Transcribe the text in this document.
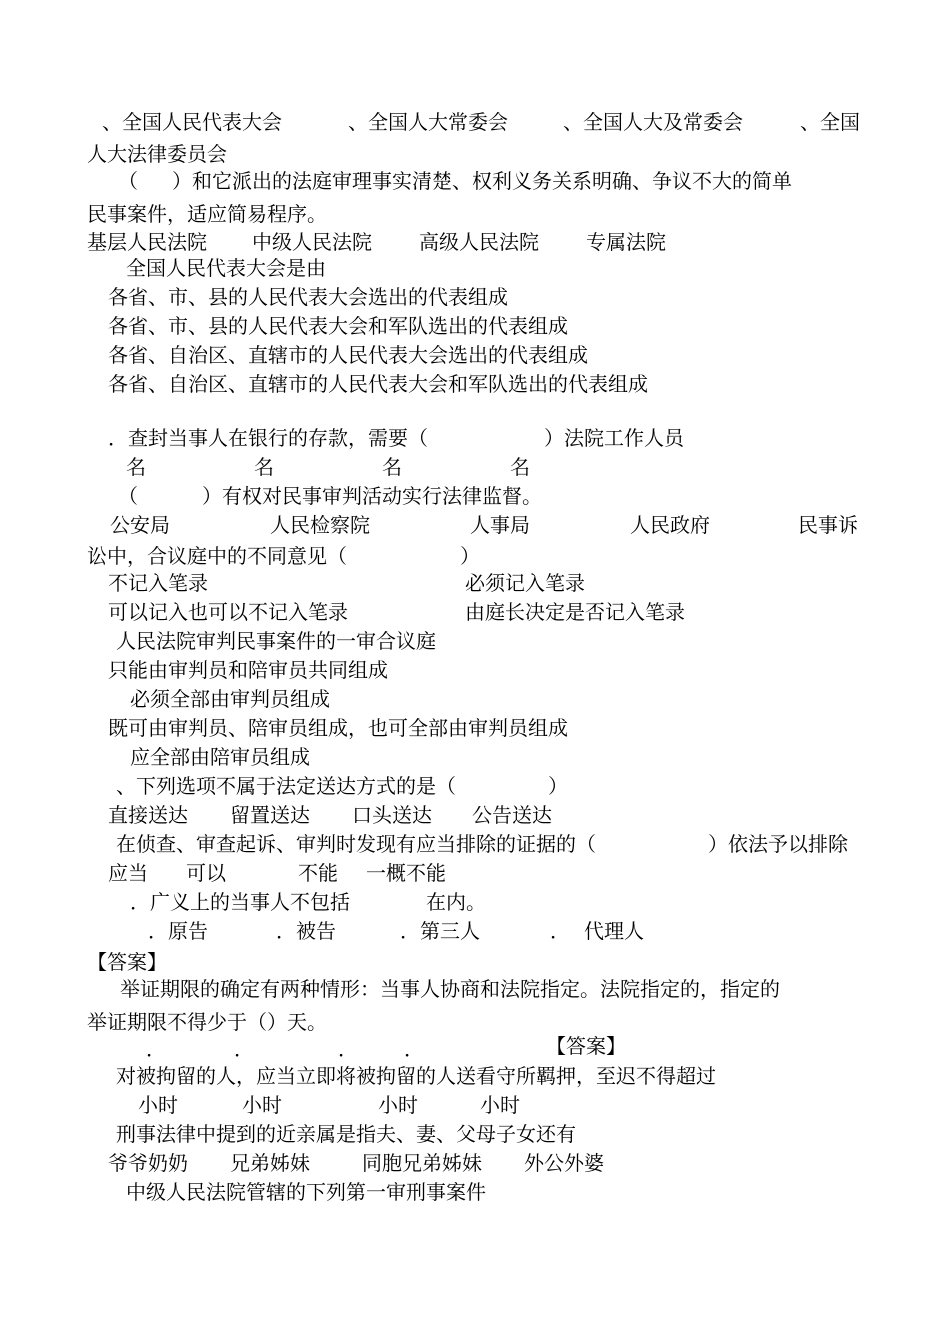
、全国人民代表大会	、全国人大常委会	、全国人大及常委会	、全国
人大法律委员会
（ ）和它派出的法庭审理事实清楚、权利义务关系明确、争议不大的简单
民事案件，适应简易程序。
基层人民法院 中级人民法院 高级人民法院 专属法院
全国人民代表大会是由
各省、市、县的人民代表大会选出的代表组成
各省、市、县的人民代表大会和军队选出的代表组成
各省、自治区、直辖市的人民代表大会选出的代表组成
各省、自治区、直辖市的人民代表大会和军队选出的代表组成
．查封当事人在银行的存款，需要（	）法院工作人员
名	名	名	名
（	）有权对民事审判活动实行法律监督。
公安局	人民检察院	人事局	人民政府	民事诉
讼中，合议庭中的不同意见（	）
不记入笔录	必须记入笔录
可以记入也可以不记入笔录	由庭长决定是否记入笔录
人民法院审判民事案件的一审合议庭
只能由审判员和陪审员共同组成
必须全部由审判员组成
既可由审判员、陪审员组成，也可全部由审判员组成
应全部由陪审员组成
、下列选项不属于法定送达方式的是（	）
直接送达 留置送达 口头送达 公告送达
在侦查、审查起诉、审判时发现有应当排除的证据的（	）依法予以排除
应当 可以	不能 一概不能
．广义上的当事人不包括	在内。
．原告	．被告	．第三人	． 代理人
【答案】
举证期限的确定有两种情形：当事人协商和法院指定。法院指定的，指定的
举证期限不得少于（）天。
．	．	． ．	【答案】
对被拘留的人，应当立即将被拘留的人送看守所羁押，至迟不得超过
小时	小时	小时	小时
刑事法律中提到的近亲属是指夫、妻、父母子女还有
爷爷奶奶 兄弟姊妹	同胞兄弟姊妹 外公外婆
中级人民法院管辖的下列第一审刑事案件
